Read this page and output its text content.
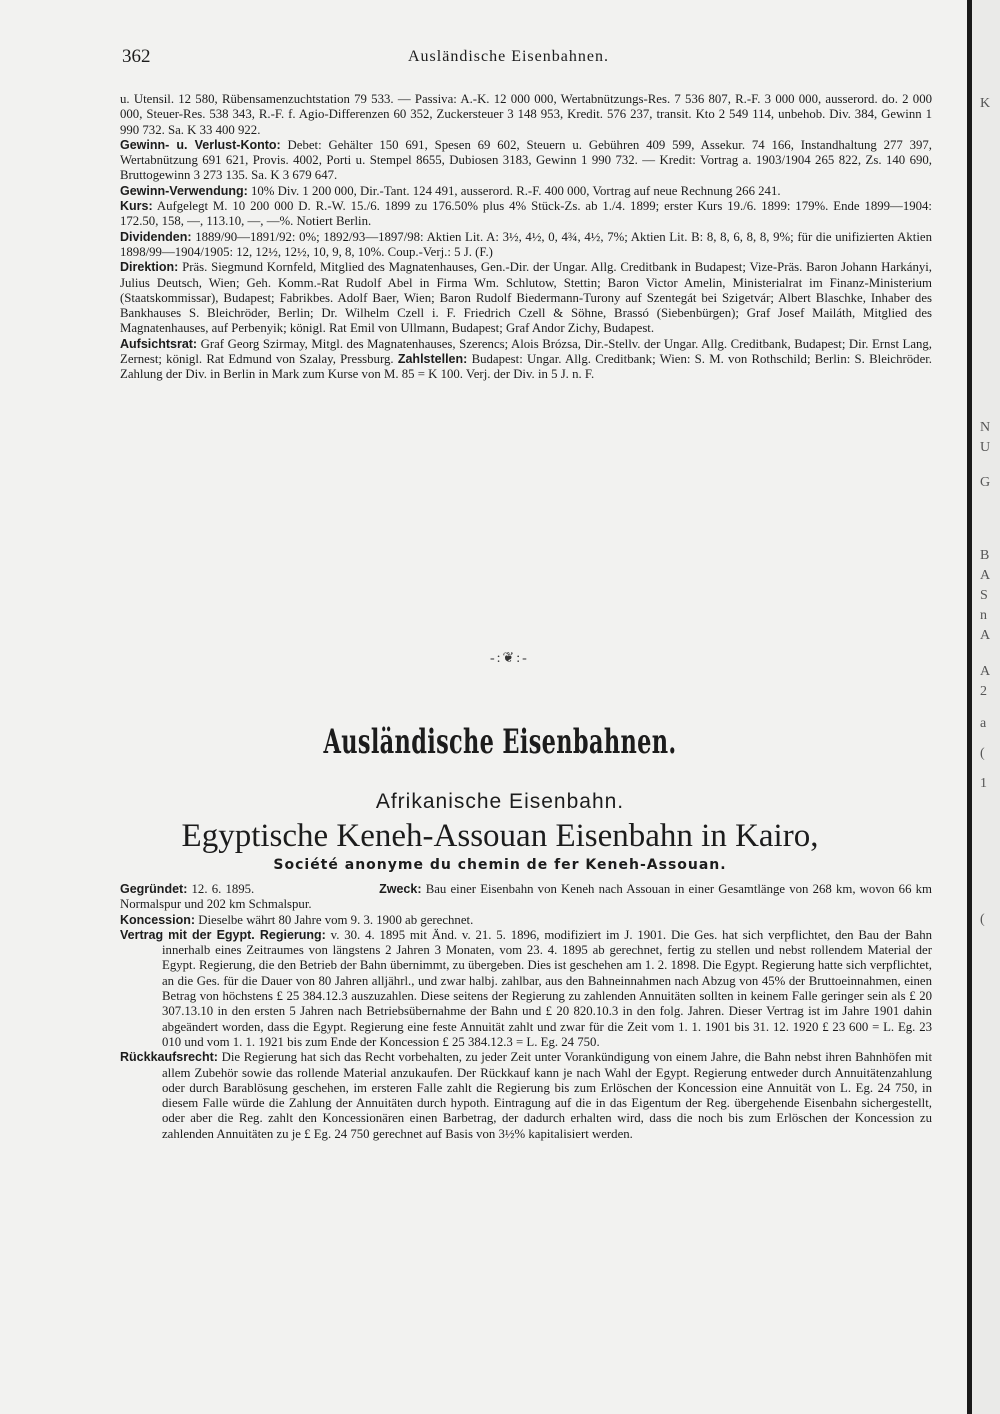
K
N
U
G
B
A
S
n
A
A
2
a
(
1
(
362	Ausländische Eisenbahnen.

u. Utensil. 12 580, Rübensamenzuchtstation 79 533. — Passiva: A.-K. 12 000 000, Wertabnützungs-Res. 7 536 807, R.-F. 3 000 000, ausserord. do. 2 000 000, Steuer-Res. 538 343, R.-F. f. Agio-Differenzen 60 352, Zuckersteuer 3 148 953, Kredit. 576 237, transit. Kto 2 549 114, unbehob. Div. 384, Gewinn 1 990 732. Sa. K 33 400 922.

Gewinn- u. Verlust-Konto: Debet: Gehälter 150 691, Spesen 69 602, Steuern u. Gebühren 409 599, Assekur. 74 166, Instandhaltung 277 397, Wertabnützung 691 621, Provis. 4002, Porti u. Stempel 8655, Dubiosen 3183, Gewinn 1 990 732. — Kredit: Vortrag a. 1903/1904 265 822, Zs. 140 690, Bruttogewinn 3 273 135. Sa. K 3 679 647.

Gewinn-Verwendung: 10% Div. 1 200 000, Dir.-Tant. 124 491, ausserord. R.-F. 400 000, Vortrag auf neue Rechnung 266 241.

Kurs: Aufgelegt M. 10 200 000 D. R.-W. 15./6. 1899 zu 176.50% plus 4% Stück-Zs. ab 1./4. 1899; erster Kurs 19./6. 1899: 179%. Ende 1899—1904: 172.50, 158, —, 113.10, —, —%. Notiert Berlin.

Dividenden: 1889/90—1891/92: 0%; 1892/93—1897/98: Aktien Lit. A: 3½, 4½, 0, 4¾, 4½, 7%; Aktien Lit. B: 8, 8, 6, 8, 8, 9%; für die unifizierten Aktien 1898/99—1904/1905: 12, 12½, 12½, 10, 9, 8, 10%. Coup.-Verj.: 5 J. (F.)

Direktion: Präs. Siegmund Kornfeld, Mitglied des Magnatenhauses, Gen.-Dir. der Ungar. Allg. Creditbank in Budapest; Vize-Präs. Baron Johann Harkányi, Julius Deutsch, Wien; Geh. Komm.-Rat Rudolf Abel in Firma Wm. Schlutow, Stettin; Baron Victor Amelin, Ministerialrat im Finanz-Ministerium (Staatskommissar), Budapest; Fabrikbes. Adolf Baer, Wien; Baron Rudolf Biedermann-Turony auf Szentegát bei Szigetvár; Albert Blaschke, Inhaber des Bankhauses S. Bleichröder, Berlin; Dr. Wilhelm Czell i. F. Friedrich Czell & Söhne, Brassó (Siebenbürgen); Graf Josef Mailáth, Mitglied des Magnatenhauses, auf Perbenyik; königl. Rat Emil von Ullmann, Budapest; Graf Andor Zichy, Budapest.

Aufsichtsrat: Graf Georg Szirmay, Mitgl. des Magnatenhauses, Szerencs; Alois Brózsa, Dir.-Stellv. der Ungar. Allg. Creditbank, Budapest; Dir. Ernst Lang, Zernest; königl. Rat Edmund von Szalay, Pressburg. Zahlstellen: Budapest: Ungar. Allg. Creditbank; Wien: S. M. von Rothschild; Berlin: S. Bleichröder. Zahlung der Div. in Berlin in Mark zum Kurse von M. 85 = K 100. Verj. der Div. in 5 J. n. F.

-:❦:-
Ausländische Eisenbahnen.
Afrikanische Eisenbahn.
Egyptische Keneh-Assouan Eisenbahn in Kairo,
Société anonyme du chemin de fer Keneh-Assouan.

Gegründet: 12. 6. 1895.	Zweck: Bau einer Eisenbahn von Keneh nach Assouan in einer Gesamtlänge von 268 km, wovon 66 km Normalspur und 202 km Schmalspur.

Koncession: Dieselbe währt 80 Jahre vom 9. 3. 1900 ab gerechnet.

Vertrag mit der Egypt. Regierung: v. 30. 4. 1895 mit Änd. v. 21. 5. 1896, modifiziert im J. 1901. Die Ges. hat sich verpflichtet, den Bau der Bahn innerhalb eines Zeitraumes von längstens 2 Jahren 3 Monaten, vom 23. 4. 1895 ab gerechnet, fertig zu stellen und nebst rollendem Material der Egypt. Regierung, die den Betrieb der Bahn übernimmt, zu übergeben. Dies ist geschehen am 1. 2. 1898. Die Egypt. Regierung hatte sich verpflichtet, an die Ges. für die Dauer von 80 Jahren alljährl., und zwar halbj. zahlbar, aus den Bahneinnahmen nach Abzug von 45% der Bruttoeinnahmen, einen Betrag von höchstens £ 25 384.12.3 auszuzahlen. Diese seitens der Regierung zu zahlenden Annuitäten sollten in keinem Falle geringer sein als £ 20 307.13.10 in den ersten 5 Jahren nach Betriebsübernahme der Bahn und £ 20 820.10.3 in den folg. Jahren. Dieser Vertrag ist im Jahre 1901 dahin abgeändert worden, dass die Egypt. Regierung eine feste Annuität zahlt und zwar für die Zeit vom 1. 1. 1901 bis 31. 12. 1920 £ 23 600 = L. Eg. 23 010 und vom 1. 1. 1921 bis zum Ende der Koncession £ 25 384.12.3 = L. Eg. 24 750.

Rückkaufsrecht: Die Regierung hat sich das Recht vorbehalten, zu jeder Zeit unter Vorankündigung von einem Jahre, die Bahn nebst ihren Bahnhöfen mit allem Zubehör sowie das rollende Material anzukaufen. Der Rückkauf kann je nach Wahl der Egypt. Regierung entweder durch Annuitätenzahlung oder durch Barablösung geschehen, im ersteren Falle zahlt die Regierung bis zum Erlöschen der Koncession eine Annuität von L. Eg. 24 750, in diesem Falle würde die Zahlung der Annuitäten durch hypoth. Eintragung auf die in das Eigentum der Reg. übergehende Eisenbahn sichergestellt, oder aber die Reg. zahlt den Koncessionären einen Barbetrag, der dadurch erhalten wird, dass die noch bis zum Erlöschen der Koncession zu zahlenden Annuitäten zu je £ Eg. 24 750 gerechnet auf Basis von 3½% kapitalisiert werden.
